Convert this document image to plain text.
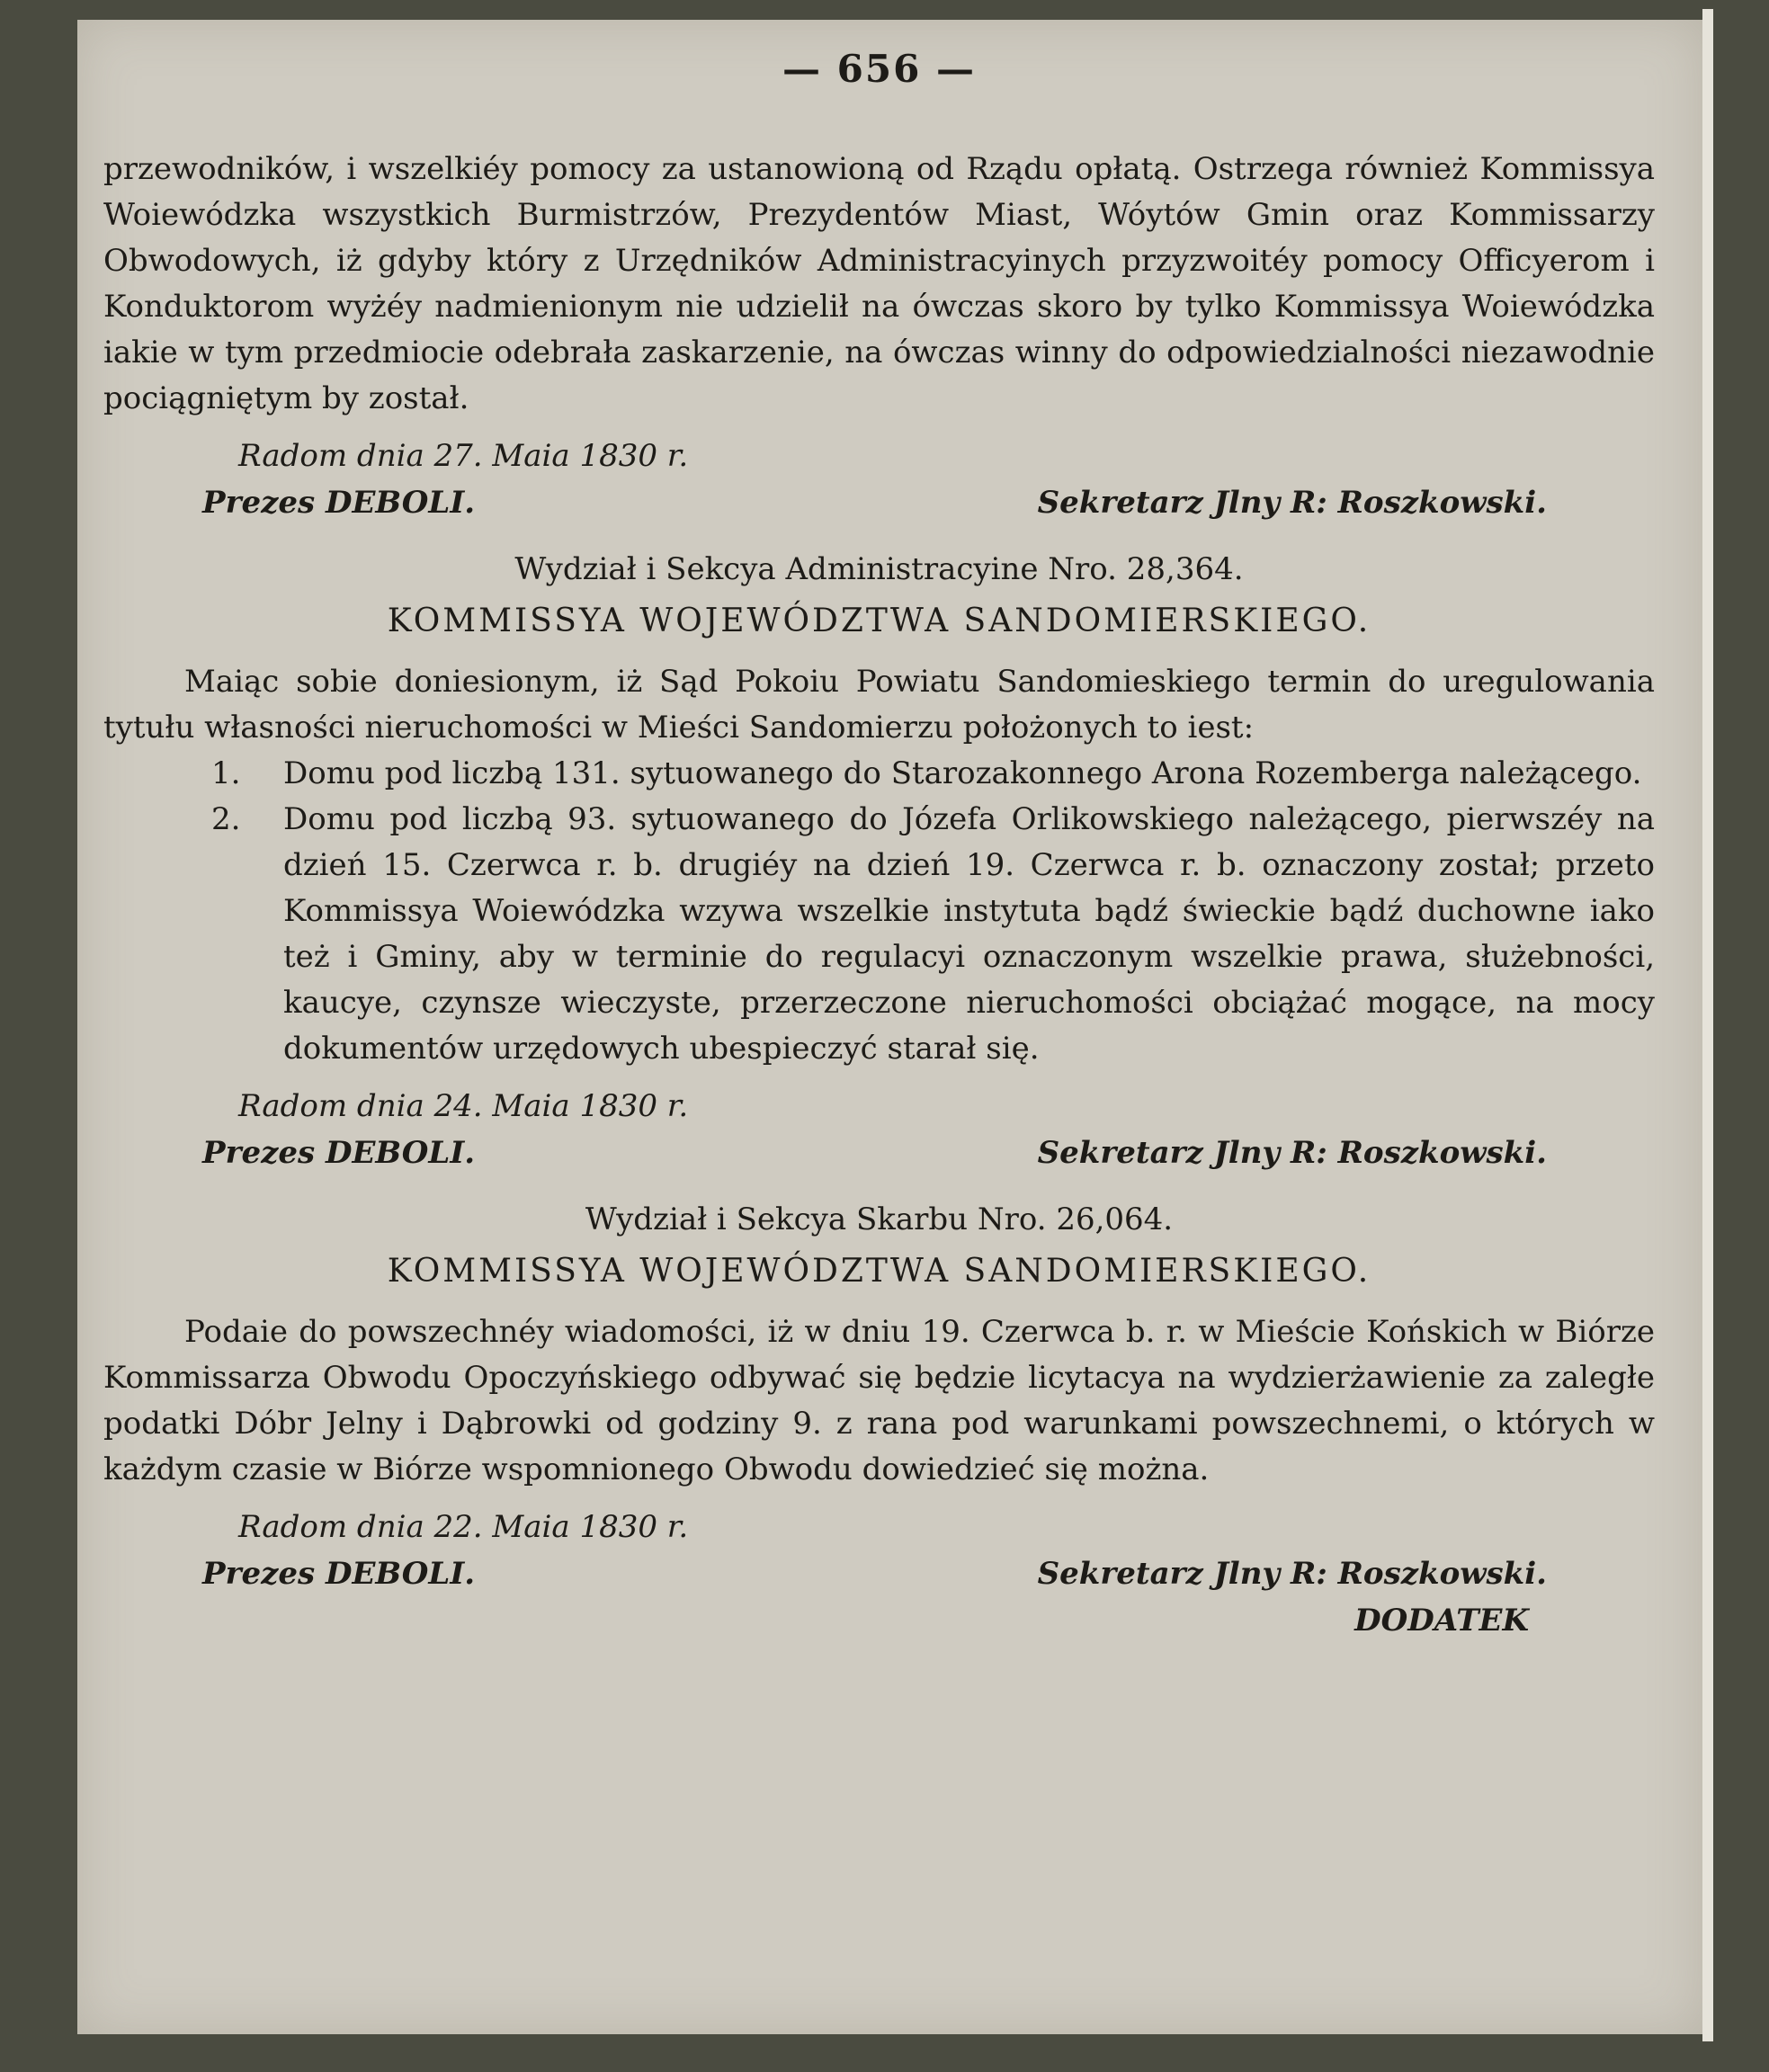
— 656 —

przewodników, i wszelkiéy pomocy za ustanowioną od Rządu opłatą. Ostrzega również Kommissya Woiewódzka wszystkich Burmistrzów, Prezydentów Miast, Wóytów Gmin oraz Kommissarzy Obwodowych, iż gdyby który z Urzędników Administracyinych przyzwoitéy pomocy Officyerom i Konduktorom wyżéy nadmienionym nie udzielił na ówczas skoro by tylko Kommissya Woiewódzka iakie w tym przedmiocie odebrała zaskarzenie, na ówczas winny do odpowiedzialności niezawodnie pociągniętym by został.

Radom dnia 27. Maia 1830 r.
Prezes DEBOLI.	Sekretarz Jlny R: Roszkowski.
Wydział i Sekcya Administracyine Nro. 28,364.
KOMMISSYA WOJEWÓDZTWA SANDOMIERSKIEGO.

Maiąc sobie doniesionym, iż Sąd Pokoiu Powiatu Sandomieskiego termin do uregulowania tytułu własności nieruchomości w Mieści Sandomierzu położonych to iest:

1.	Domu pod liczbą 131. sytuowanego do Starozakonnego Arona Rozemberga należącego.
2.	Domu pod liczbą 93. sytuowanego do Józefa Orlikowskiego należącego, pierwszéy na dzień 15. Czerwca r. b. drugiéy na dzień 19. Czerwca r. b. oznaczony został; przeto Kommissya Woiewódzka wzywa wszelkie instytuta bądź świeckie bądź duchowne iako też i Gminy, aby w terminie do regulacyi oznaczonym wszelkie prawa, służebności, kaucye, czynsze wieczyste, przerzeczone nieruchomości obciążać mogące, na mocy dokumentów urzędowych ubespieczyć starał się.
Radom dnia 24. Maia 1830 r.
Prezes DEBOLI.	Sekretarz Jlny R: Roszkowski.
Wydział i Sekcya Skarbu Nro. 26,064.
KOMMISSYA WOJEWÓDZTWA SANDOMIERSKIEGO.

Podaie do powszechnéy wiadomości, iż w dniu 19. Czerwca b. r. w Mieście Końskich w Biórze Kommissarza Obwodu Opoczyńskiego odbywać się będzie licytacya na wydzierżawienie za zaległe podatki Dóbr Jelny i Dąbrowki od godziny 9. z rana pod warunkami powszechnemi, o których w każdym czasie w Biórze wspomnionego Obwodu dowiedzieć się można.

Radom dnia 22. Maia 1830 r.
Prezes DEBOLI.	Sekretarz Jlny R: Roszkowski.
DODATEK
